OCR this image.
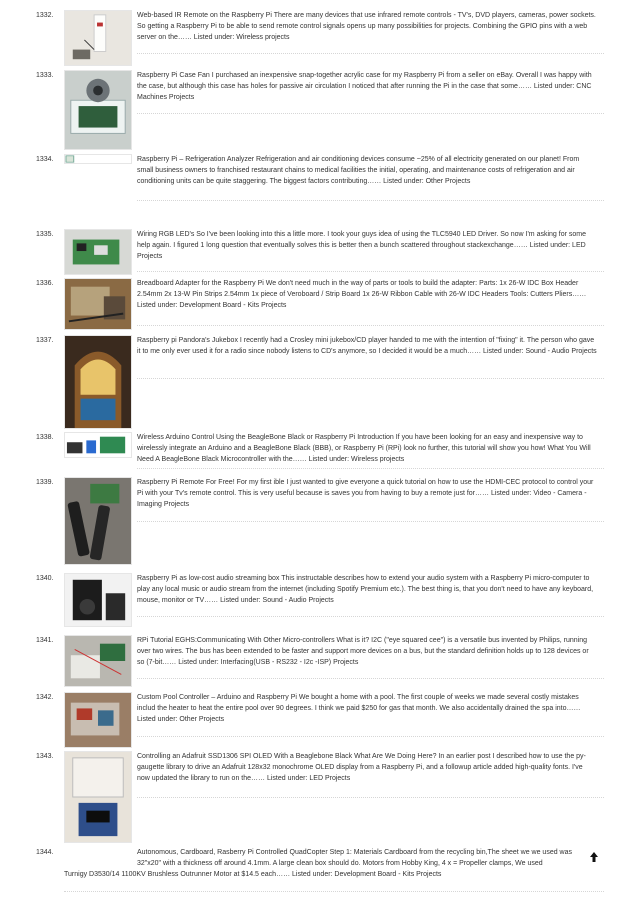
1332.	Web-based IR Remote on the Raspberry Pi There are many devices that use infrared remote controls - TV's, DVD players, cameras, power sockets. So getting a Raspberry Pi to be able to send remote control signals opens up many possibilities for projects. Combining the GPIO pins with a web server on the…… Listed under: Wireless projects
1333.	Raspberry Pi Case Fan I purchased an inexpensive snap-together acrylic case for my Raspberry Pi from a seller on eBay. Overall I was happy with the case, but although this case has holes for passive air circulation I noticed that after running the Pi in the case that some…… Listed under: CNC Machines Projects
1334.	Raspberry Pi – Refrigeration Analyzer Refrigeration and air conditioning devices consume ~25% of all electricity generated on our planet! From small business owners to franchised restaurant chains to medical facilities the initial, operating, and maintenance costs of refrigeration and air conditioning units can be quite staggering. The biggest factors contributing…… Listed under: Other Projects
1335.	Wiring RGB LED's So I've been looking into this a little more. I took your guys idea of using the TLC5940 LED Driver. So now I'm asking for some help again. I figured 1 long question that eventually solves this is better then a bunch scattered throughout stackexchange…… Listed under: LED Projects
1336.	Breadboard Adapter for the Raspberry Pi We don't need much in the way of parts or tools to build the adapter: Parts: 1x 26-W IDC Box Header 2.54mm 2x 13-W Pin Strips 2.54mm 1x piece of Veroboard / Strip Board 1x 26-W Ribbon Cable with 26-W IDC Headers Tools: Cutters Pliers…… Listed under: Development Board - Kits Projects
1337.	Raspberry pi Pandora's Jukebox I recently had a Crosley mini jukebox/CD player handed to me with the intention of "fixing" it. The person who gave it to me only ever used it for a radio since nobody listens to CD's anymore, so I decided it would be a much…… Listed under: Sound - Audio Projects
1338.	Wireless Arduino Control Using the BeagleBone Black or Raspberry Pi Introduction If you have been looking for an easy and inexpensive way to wirelessly integrate an Arduino and a BeagleBone Black (BBB), or Raspberry Pi (RPi) look no further, this tutorial will show you how! What You Will Need A BeagleBone Black Microcontroller with the…… Listed under: Wireless projects
1339.	Raspberry Pi Remote For Free! For my first ible I just wanted to give everyone a quick tutorial on how to use the HDMI-CEC protocol to control your Pi with your Tv's remote control. This is very useful because is saves you from having to buy a remote just for…… Listed under: Video - Camera - Imaging Projects
1340.	Raspberry Pi as low-cost audio streaming box This instructable describes how to extend your audio system with a Raspberry Pi micro-computer to play any local music or audio stream from the internet (including Spotify Premium etc.). The best thing is, that you don't need to have any keyboard, mouse, monitor or TV…… Listed under: Sound - Audio Projects
1341.	RPi Tutorial EGHS:Communicating With Other Micro-controllers What is it? I2C ("eye squared cee") is a versatile bus invented by Philips, running over two wires. The bus has been extended to be faster and support more devices on a bus, but the standard definition holds up to 128 devices or so (7-bit…… Listed under: Interfacing(USB - RS232 - I2c -ISP) Projects
1342.	Custom Pool Controller – Arduino and Raspberry Pi We bought a home with a pool. The first couple of weeks we made several costly mistakes includ the heater to heat the entire pool over 90 degrees. I think we paid $250 for gas that month. We also accidentally drained the spa into…… Listed under: Other Projects
1343.	Controlling an Adafruit SSD1306 SPI OLED With a Beaglebone Black What Are We Doing Here? In an earlier post I described how to use the py-gaugette library to drive an Adafruit 128x32 monochrome OLED display from a Raspberry Pi, and a followup article added high-quality fonts. I've now updated the library to run on the…… Listed under: LED Projects
1344.	Autonomous, Cardboard, Rasberry Pi Controlled QuadCopter Step 1: Materials Cardboard from the recycling bin,The sheet we we used was 32"x20" with a thickness off around 4.1mm. A large clean box should do. Motors from Hobby King, 4 x = Propeller clamps, We used
Turnigy D3530/14 1100KV Brushless Outrunner Motor at $14.5 each…… Listed under: Development Board - Kits Projects
